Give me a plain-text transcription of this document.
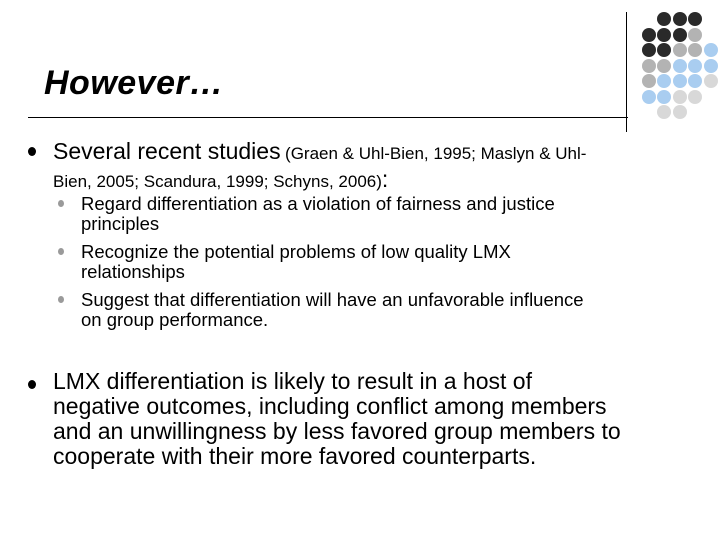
However…

Several recent studies (Graen & Uhl-Bien, 1995; Maslyn & Uhl-

Bien, 2005; Scandura, 1999; Schyns, 2006):

Regard differentiation as a violation of fairness and justice

principles

Recognize the potential problems of low quality LMX

relationships

Suggest that differentiation will have an unfavorable influence

on group performance.

LMX differentiation is likely to result in a host of

negative outcomes, including conflict among members

and an unwillingness by less favored group members to

cooperate with their more favored counterparts.
